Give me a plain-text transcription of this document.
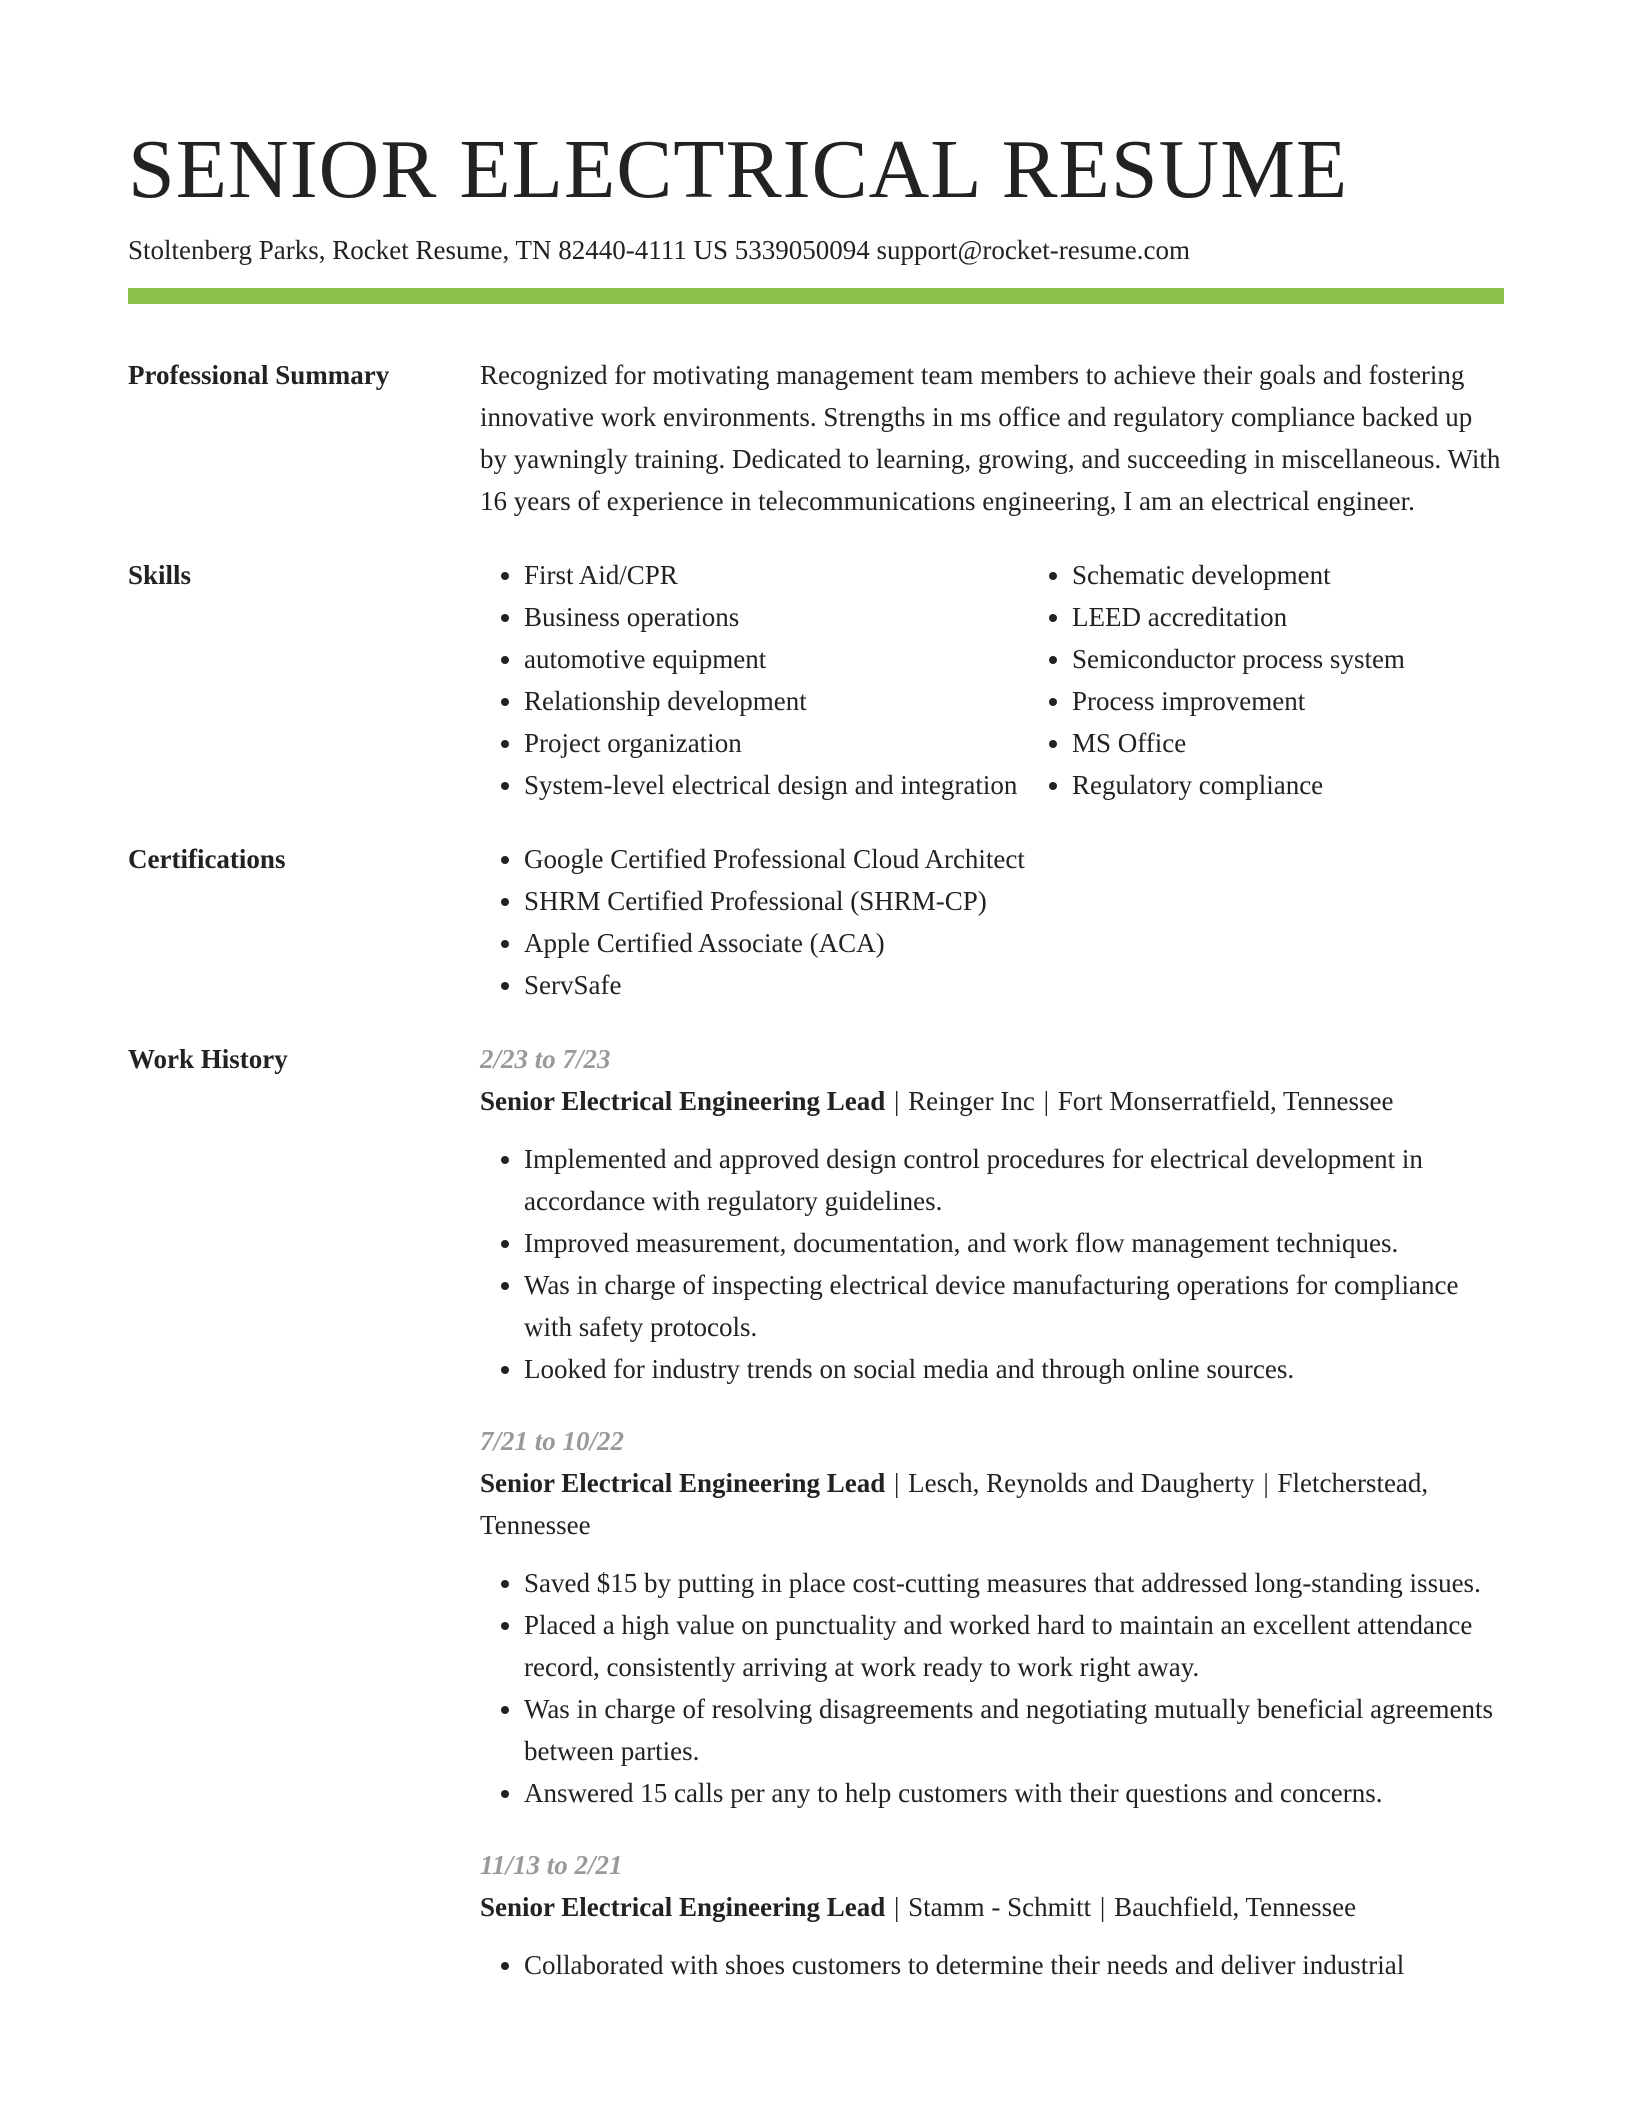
SENIOR ELECTRICAL RESUME
Stoltenberg Parks, Rocket Resume, TN 82440-4111 US 5339050094 support@rocket-resume.com
Professional Summary	Recognized for motivating management team members to achieve their goals and fostering innovative work environments. Strengths in ms office and regulatory compliance backed up by yawningly training. Dedicated to learning, growing, and succeeding in miscellaneous. With 16 years of experience in telecommunications engineering, I am an electrical engineer.
Skills	• First Aid/CPR
• Business operations
• automotive equipment
• Relationship development
• Project organization
• System-level electrical design and integration
• Schematic development
• LEED accreditation
• Semiconductor process system
• Process improvement
• MS Office
• Regulatory compliance
Certifications	• Google Certified Professional Cloud Architect
• SHRM Certified Professional (SHRM-CP)
• Apple Certified Associate (ACA)
• ServSafe
Work History	2/23 to 7/23
Senior Electrical Engineering Lead | Reinger Inc | Fort Monserratfield, Tennessee
• Implemented and approved design control procedures for electrical development in accordance with regulatory guidelines.
• Improved measurement, documentation, and work flow management techniques.
• Was in charge of inspecting electrical device manufacturing operations for compliance with safety protocols.
• Looked for industry trends on social media and through online sources.
7/21 to 10/22
Senior Electrical Engineering Lead | Lesch, Reynolds and Daugherty | Fletcherstead, Tennessee
• Saved $15 by putting in place cost-cutting measures that addressed long-standing issues.
• Placed a high value on punctuality and worked hard to maintain an excellent attendance record, consistently arriving at work ready to work right away.
• Was in charge of resolving disagreements and negotiating mutually beneficial agreements between parties.
• Answered 15 calls per any to help customers with their questions and concerns.
11/13 to 2/21
Senior Electrical Engineering Lead | Stamm - Schmitt | Bauchfield, Tennessee
• Collaborated with shoes customers to determine their needs and deliver industrial
